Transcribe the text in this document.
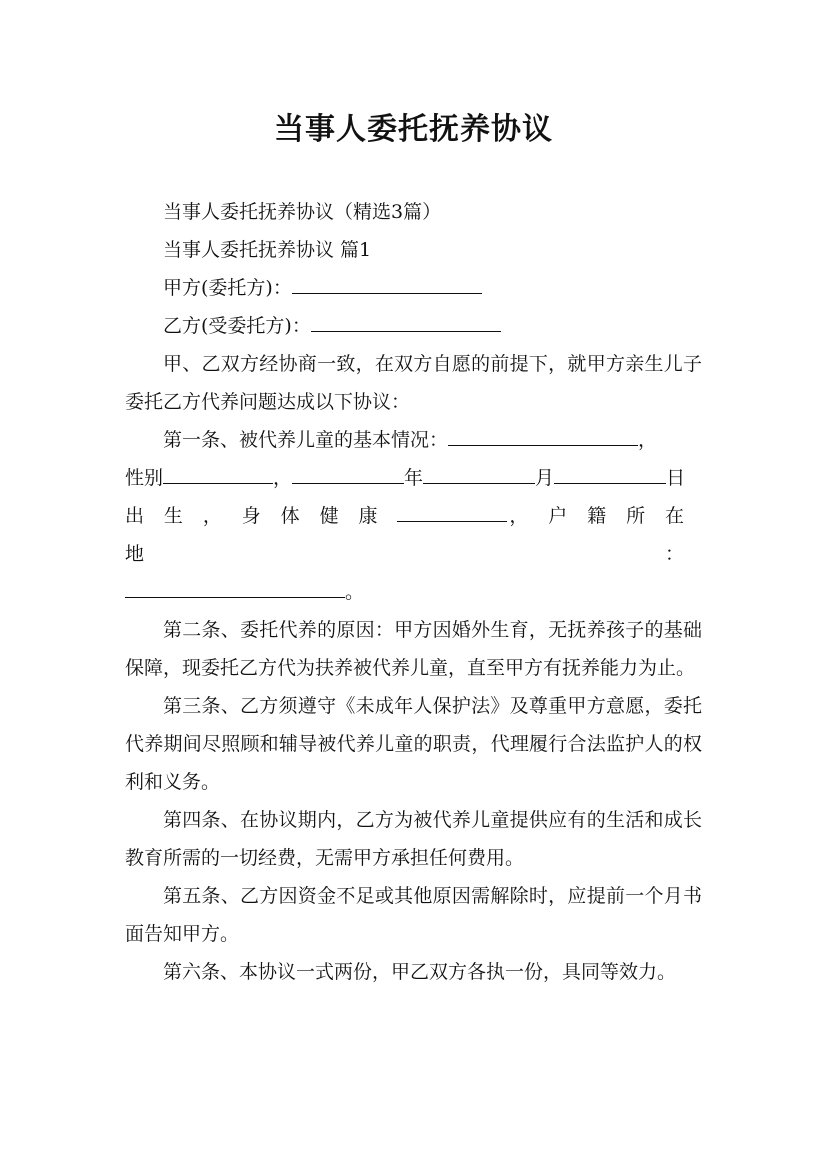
当事人委托抚养协议

当事人委托抚养协议（精选3篇）

当事人委托抚养协议 篇1

甲方(委托方)：

乙方(受委托方)：

甲、乙双方经协商一致，在双方自愿的前提下，就甲方亲生儿子委托乙方代养问题达成以下协议：

第一条、被代养儿童的基本情况：	，

性别	，	年	月	日

出生，身体健康	，户籍所在地：

。

第二条、委托代养的原因：甲方因婚外生育，无抚养孩子的基础保障，现委托乙方代为扶养被代养儿童，直至甲方有抚养能力为止。

第三条、乙方须遵守《未成年人保护法》及尊重甲方意愿，委托代养期间尽照顾和辅导被代养儿童的职责，代理履行合法监护人的权利和义务。

第四条、在协议期内，乙方为被代养儿童提供应有的生活和成长教育所需的一切经费，无需甲方承担任何费用。

第五条、乙方因资金不足或其他原因需解除时，应提前一个月书面告知甲方。

第六条、本协议一式两份，甲乙双方各执一份，具同等效力。
